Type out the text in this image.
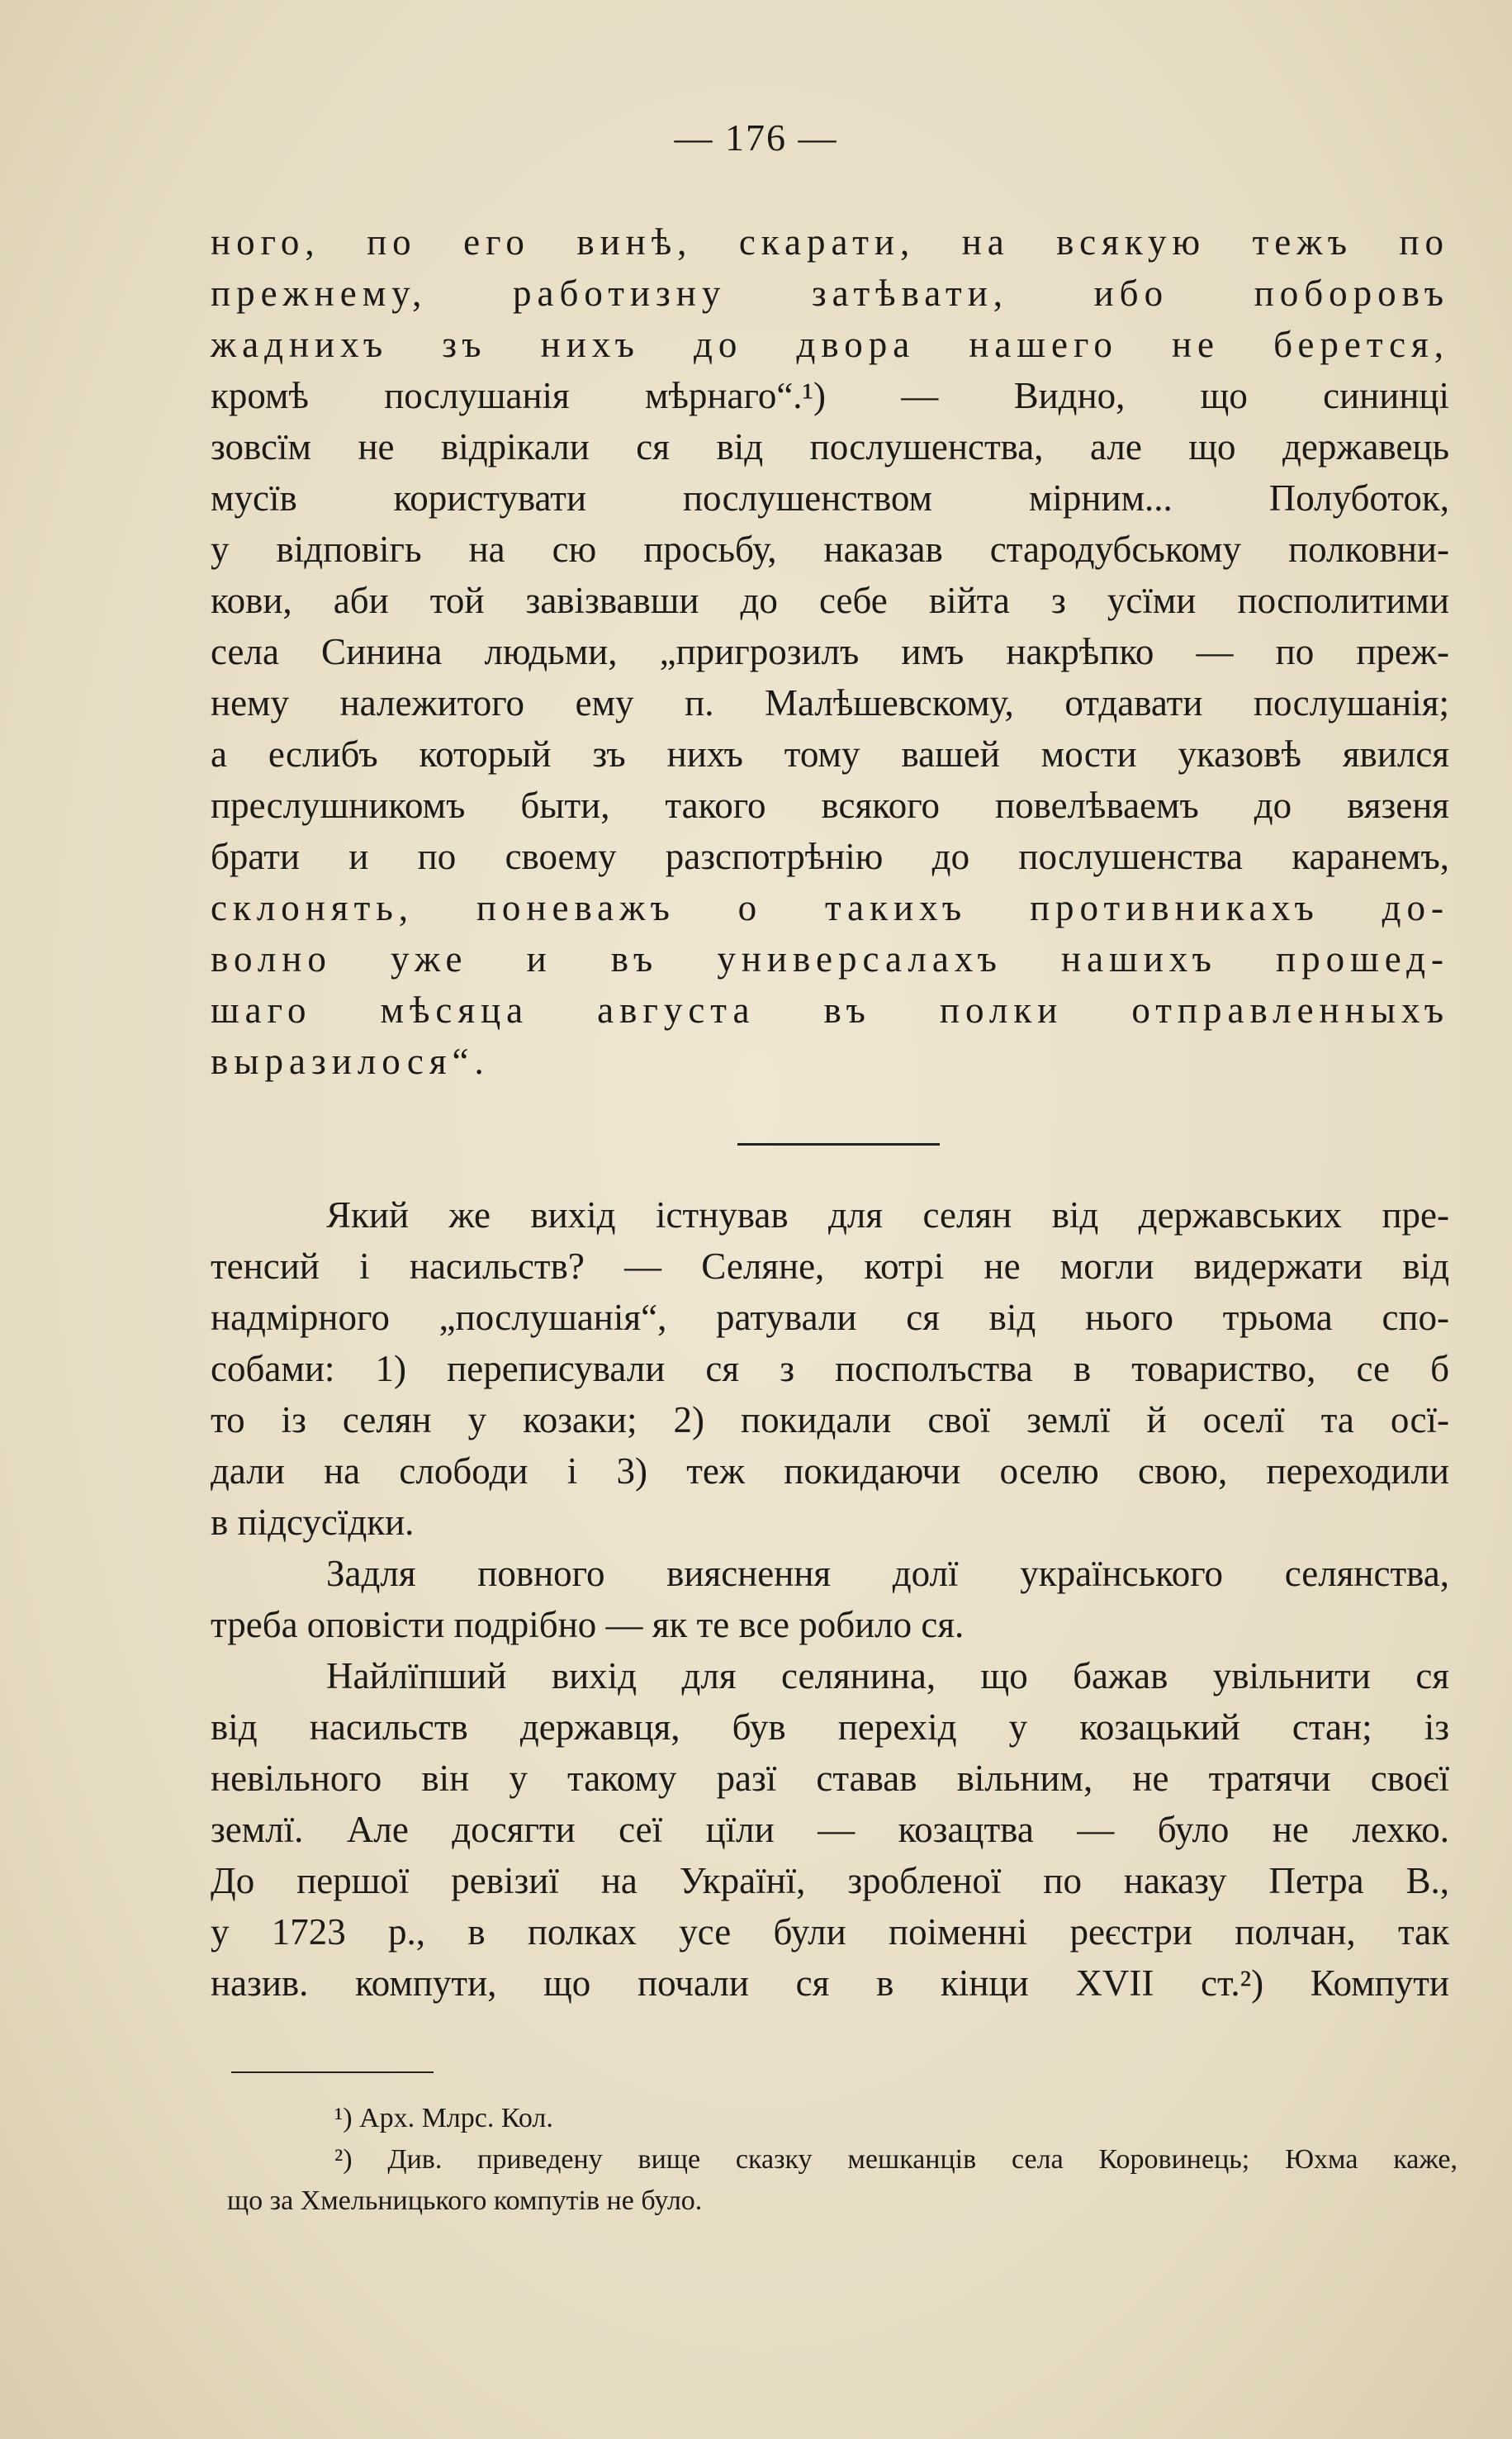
— 176 —
ного, по его винѣ, скарати, на всякую тежъ по
прежнему, работизну затѣвати, ибо поборовъ
жаднихъ зъ нихъ до двора нашего не берется,
кромѣ послушанія мѣрнаго“.¹) — Видно, що сининці
зовсїм не відрікали ся від послушенства, але що державець
мусїв користувати послушенством мірним... Полуботок,
у відповігь на сю просьбу, наказав стародубському полковни-
кови, аби той завізвавши до себе війта з усїми посполитими
села Синина людьми, „пригрозилъ имъ накрѣпко — по преж-
нему належитого ему п. Малѣшевскому, отдавати послушанія;
а еслибъ который зъ нихъ тому вашей мости указовѣ явился
преслушникомъ быти, такого всякого повелѣваемъ до вязеня
брати и по своему разспотрѣнію до послушенства каранемъ,
склонять, поневажъ о такихъ противникахъ до-
волно уже и въ универсалахъ нашихъ прошед-
шаго мѣсяца августа въ полки отправленныхъ
выразилося“.
Який же вихід істнував для селян від державських пре-
тенсий і насильств? — Селяне, котрі не могли видержати від
надмірного „послушанія“, ратували ся від нього трьома спо-
собами: 1) переписували ся з посполъства в товариство, се б
то із селян у козаки; 2) покидали свої землї й оселї та осї-
дали на слободи і 3) теж покидаючи оселю свою, переходили
в підсусїдки.
Задля повного вияснення долї українського селянства,
треба оповісти подрібно — як те все робило ся.
Найлїпший вихід для селянина, що бажав увільнити ся
від насильств державця, був перехід у козацький стан; із
невільного він у такому разї ставав вільним, не тратячи своєї
землї. Але досягти сеї цїли — козацтва — було не лехко.
До першої ревізиї на Українї, зробленої по наказу Петра В.,
у 1723 р., в полках усе були поіменні реєстри полчан, так
назив. компути, що почали ся в кінци XVII ст.²) Компути
¹) Арх. Млрс. Кол.
²) Див. приведену вище сказку мешканців села Коровинець; Юхма каже,
що за Хмельницького компутів не було.
